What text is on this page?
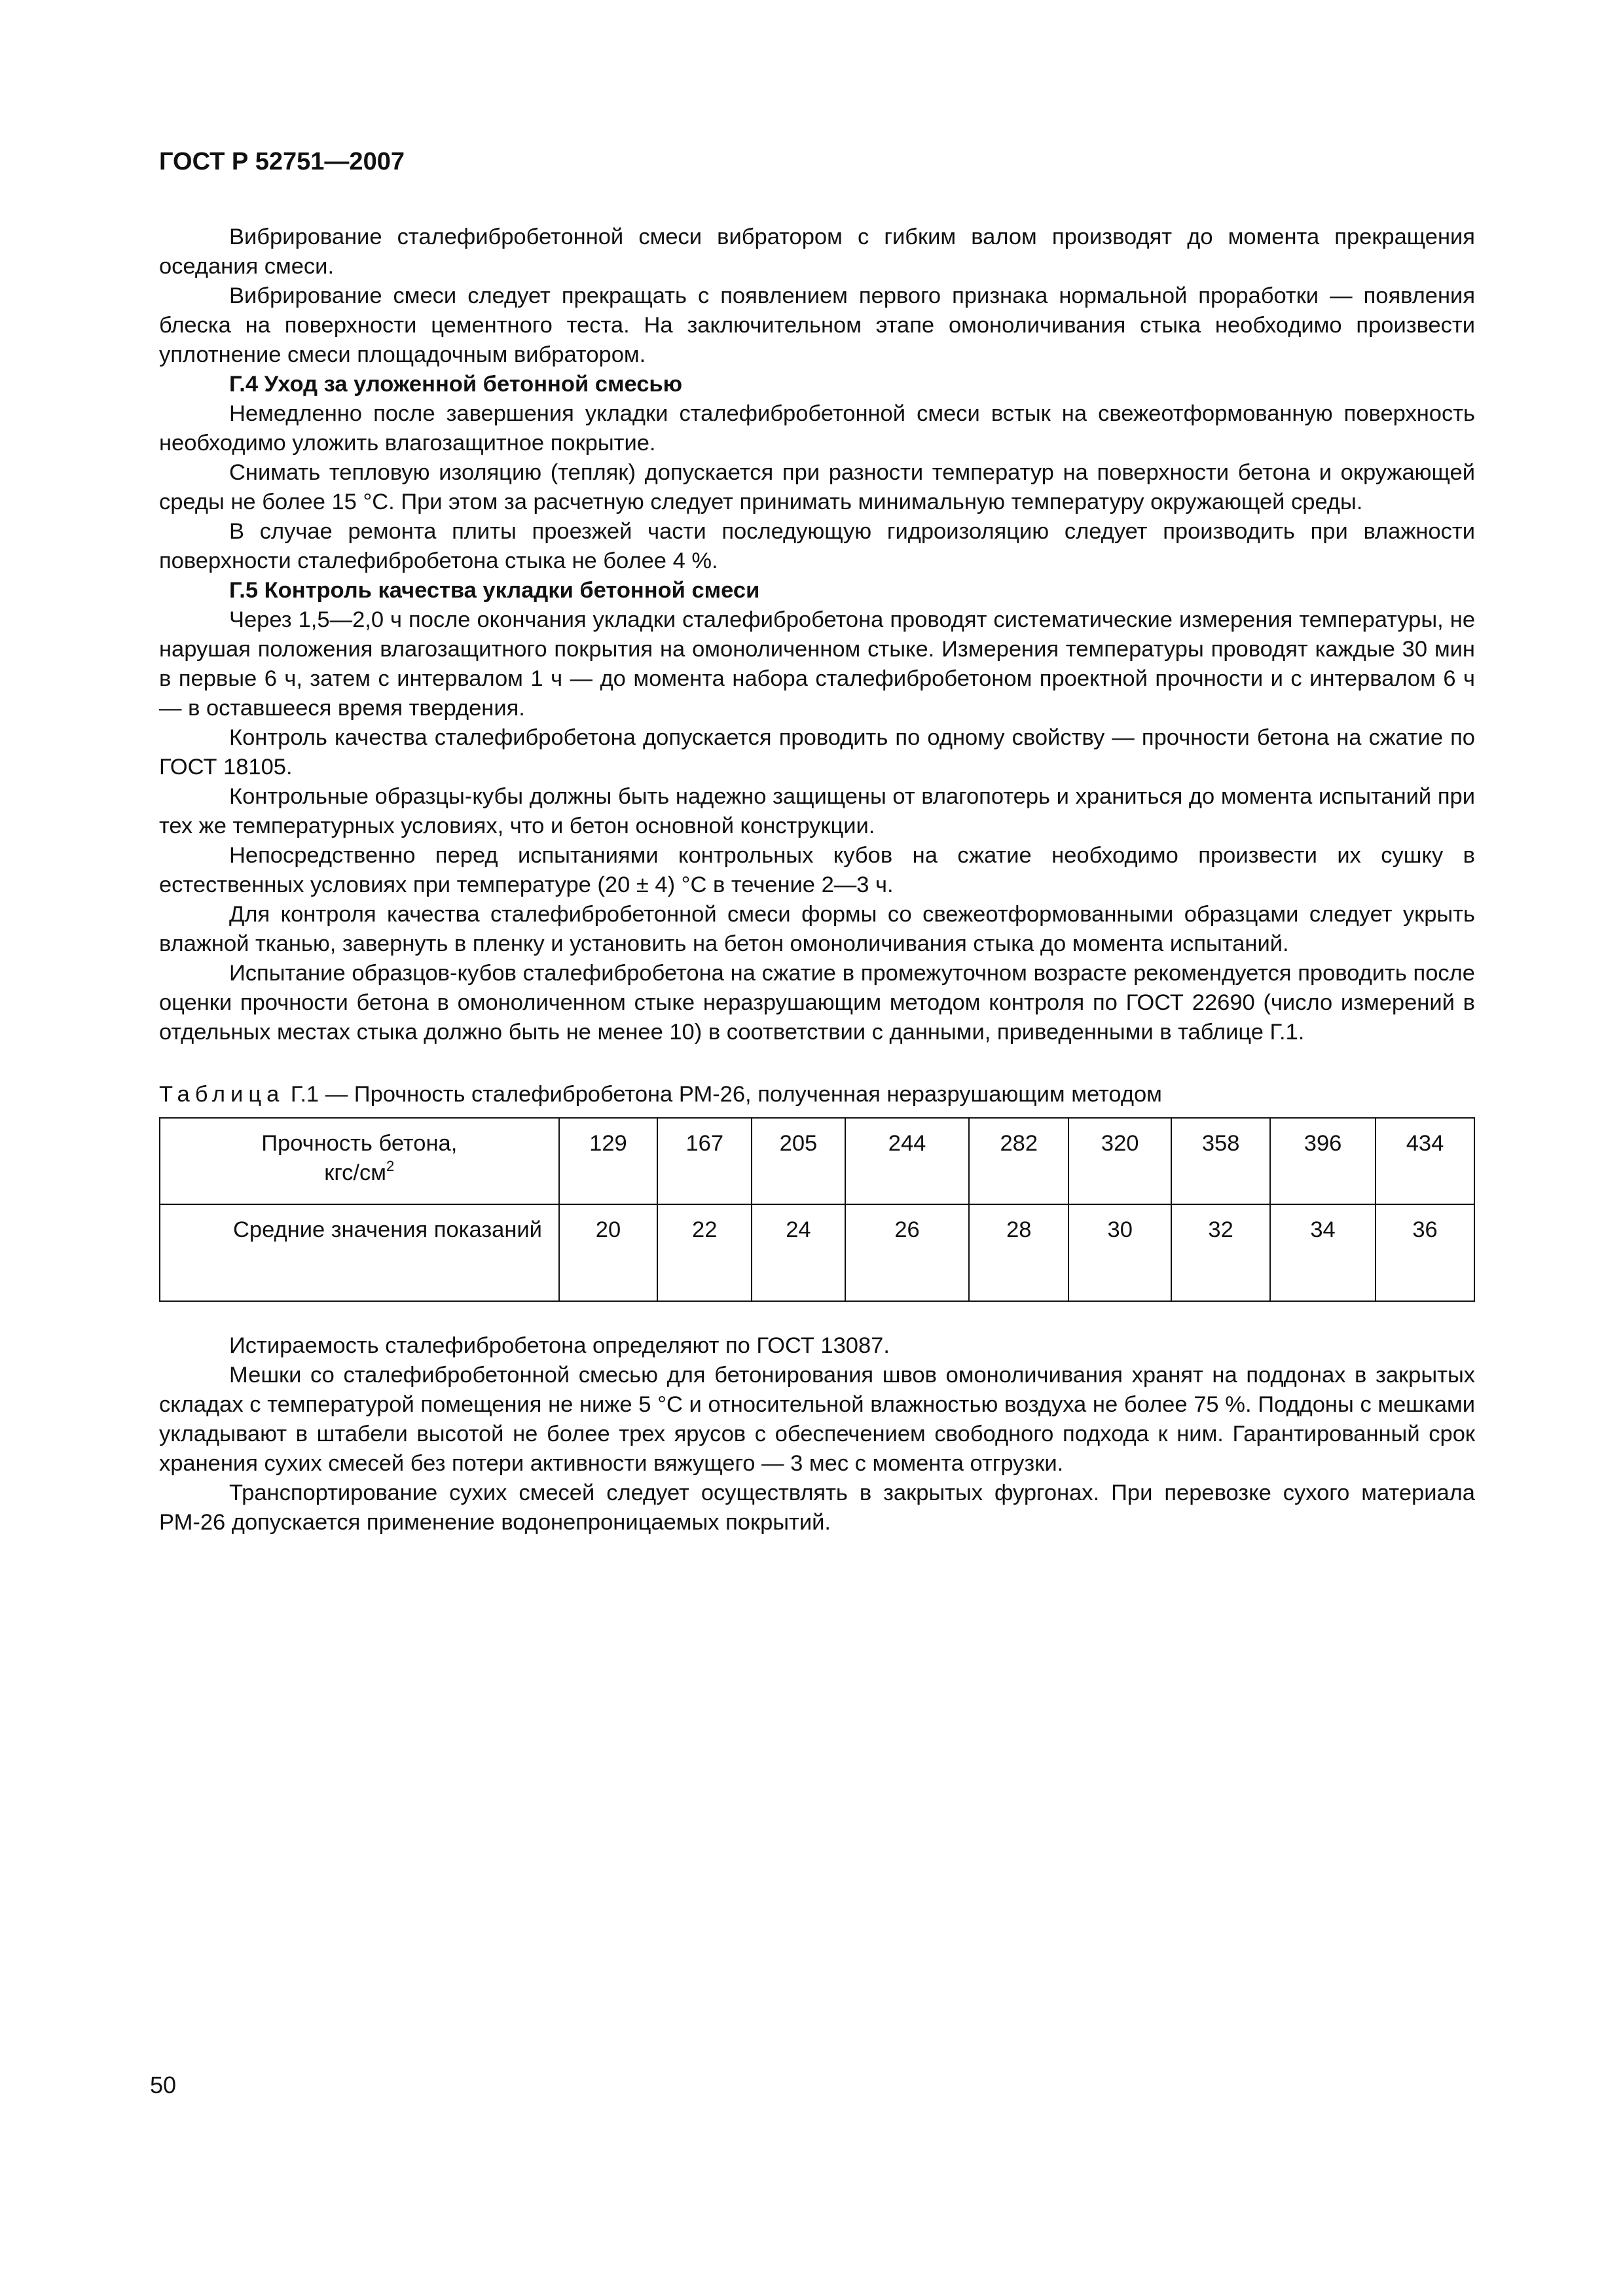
ГОСТ Р 52751—2007

Вибрирование сталефибробетонной смеси вибратором с гибким валом производят до момента прекращения оседания смеси.

Вибрирование смеси следует прекращать с появлением первого признака нормальной проработки — появления блеска на поверхности цементного теста. На заключительном этапе омоноличивания стыка необходимо произвести уплотнение смеси площадочным вибратором.

Г.4 Уход за уложенной бетонной смесью

Немедленно после завершения укладки сталефибробетонной смеси встык на свежеотформованную поверхность необходимо уложить влагозащитное покрытие.

Снимать тепловую изоляцию (тепляк) допускается при разности температур на поверхности бетона и окружающей среды не более 15 °С. При этом за расчетную следует принимать минимальную температуру окружающей среды.

В случае ремонта плиты проезжей части последующую гидроизоляцию следует производить при влажности поверхности сталефибробетона стыка не более 4 %.

Г.5 Контроль качества укладки бетонной смеси

Через 1,5—2,0 ч после окончания укладки сталефибробетона проводят систематические измерения температуры, не нарушая положения влагозащитного покрытия на омоноличенном стыке. Измерения температуры проводят каждые 30 мин в первые 6 ч, затем с интервалом 1 ч — до момента набора сталефибробетоном проектной прочности и с интервалом 6 ч — в оставшееся время твердения.

Контроль качества сталефибробетона допускается проводить по одному свойству — прочности бетона на сжатие по ГОСТ 18105.

Контрольные образцы-кубы должны быть надежно защищены от влагопотерь и храниться до момента испытаний при тех же температурных условиях, что и бетон основной конструкции.

Непосредственно перед испытаниями контрольных кубов на сжатие необходимо произвести их сушку в естественных условиях при температуре (20 ± 4) °С в течение 2—3 ч.

Для контроля качества сталефибробетонной смеси формы со свежеотформованными образцами следует укрыть влажной тканью, завернуть в пленку и установить на бетон омоноличивания стыка до момента испытаний.

Испытание образцов-кубов сталефибробетона на сжатие в промежуточном возрасте рекомендуется проводить после оценки прочности бетона в омоноличенном стыке неразрушающим методом контроля по ГОСТ 22690 (число измерений в отдельных местах стыка должно быть не менее 10) в соответствии с данными, приведенными в таблице Г.1.

Таблица Г.1 — Прочность сталефибробетона РМ-26, полученная неразрушающим методом
Прочность бетона,
кгс/$см^2$	129	167	205	244	282	320	358	396	434

Средние значения показаний	20	22	24	26	28	30	32	34	36

Истираемость сталефибробетона определяют по ГОСТ 13087.

Мешки со сталефибробетонной смесью для бетонирования швов омоноличивания хранят на поддонах в закрытых складах с температурой помещения не ниже 5 °С и относительной влажностью воздуха не более 75 %. Поддоны с мешками укладывают в штабели высотой не более трех ярусов с обеспечением свободного подхода к ним. Гарантированный срок хранения сухих смесей без потери активности вяжущего — 3 мес с момента отгрузки.

Транспортирование сухих смесей следует осуществлять в закрытых фургонах. При перевозке сухого материала РМ-26 допускается применение водонепроницаемых покрытий.

50
